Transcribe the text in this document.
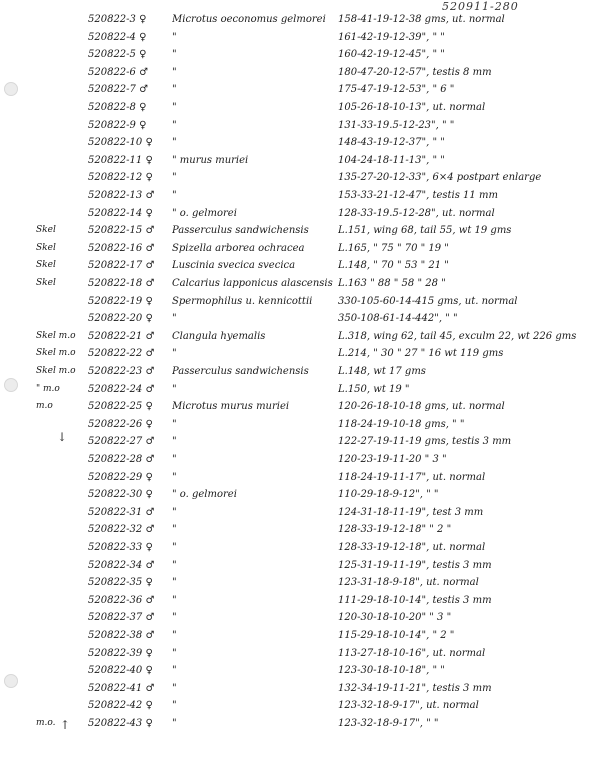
520911-280
↓
↑
520822-3 ♀	Microtus oeconomus gelmorei	158-41-19-12-38 gms, ut. normal
520822-4 ♀	"	161-42-19-12-39", " "
520822-5 ♀	"	160-42-19-12-45", " "
520822-6 ♂	"	180-47-20-12-57", testis 8 mm
520822-7 ♂	"	175-47-19-12-53", " 6 "
520822-8 ♀	"	105-26-18-10-13", ut. normal
520822-9 ♀	"	131-33-19.5-12-23", " "
520822-10 ♀	"	148-43-19-12-37", " "
520822-11 ♀	" murus muriei	104-24-18-11-13", " "
520822-12 ♀	"	135-27-20-12-33", 6×4 postpart enlarge
520822-13 ♂	"	153-33-21-12-47", testis 11 mm
520822-14 ♀	" o. gelmorei	128-33-19.5-12-28", ut. normal
Skel	520822-15 ♂	Passerculus sandwichensis	L.151, wing 68, tail 55, wt 19 gms
Skel	520822-16 ♂	Spizella arborea ochracea	L.165, " 75 " 70 " 19 "
Skel	520822-17 ♂	Luscinia svecica svecica	L.148, " 70 " 53 " 21 "
Skel	520822-18 ♂	Calcarius lapponicus alascensis L.163 " 88 " 58 " 28 "
520822-19 ♀	Spermophilus u. kennicottii	330-105-60-14-415 gms, ut. normal
520822-20 ♀	"	350-108-61-14-442", " "
Skel m.o	520822-21 ♂	Clangula hyemalis	L.318, wing 62, tail 45, exculm 22, wt 226 gms
Skel m.o	520822-22 ♂	"	L.214, " 30 " 27 " 16 wt 119 gms
Skel m.o	520822-23 ♂	Passerculus sandwichensis	L.148, wt 17 gms
" m.o	520822-24 ♂	"	L.150, wt 19 "
m.o	520822-25 ♀	Microtus murus muriei	120-26-18-10-18 gms, ut. normal
520822-26 ♀	"	118-24-19-10-18 gms, " "
520822-27 ♂	"	122-27-19-11-19 gms, testis 3 mm
520822-28 ♂	"	120-23-19-11-20 " 3 "
520822-29 ♀	"	118-24-19-11-17", ut. normal
520822-30 ♀	" o. gelmorei	110-29-18-9-12", " "
520822-31 ♂	"	124-31-18-11-19", test 3 mm
520822-32 ♂	"	128-33-19-12-18" " 2 "
520822-33 ♀	"	128-33-19-12-18", ut. normal
520822-34 ♂	"	125-31-19-11-19", testis 3 mm
520822-35 ♀	"	123-31-18-9-18", ut. normal
520822-36 ♂	"	111-29-18-10-14", testis 3 mm
520822-37 ♂	"	120-30-18-10-20" " 3 "
520822-38 ♂	"	115-29-18-10-14", " 2 "
520822-39 ♀	"	113-27-18-10-16", ut. normal
520822-40 ♀	"	123-30-18-10-18", " "
520822-41 ♂	"	132-34-19-11-21", testis 3 mm
520822-42 ♀	"	123-32-18-9-17", ut. normal
m.o.	520822-43 ♀	"	123-32-18-9-17", " "
